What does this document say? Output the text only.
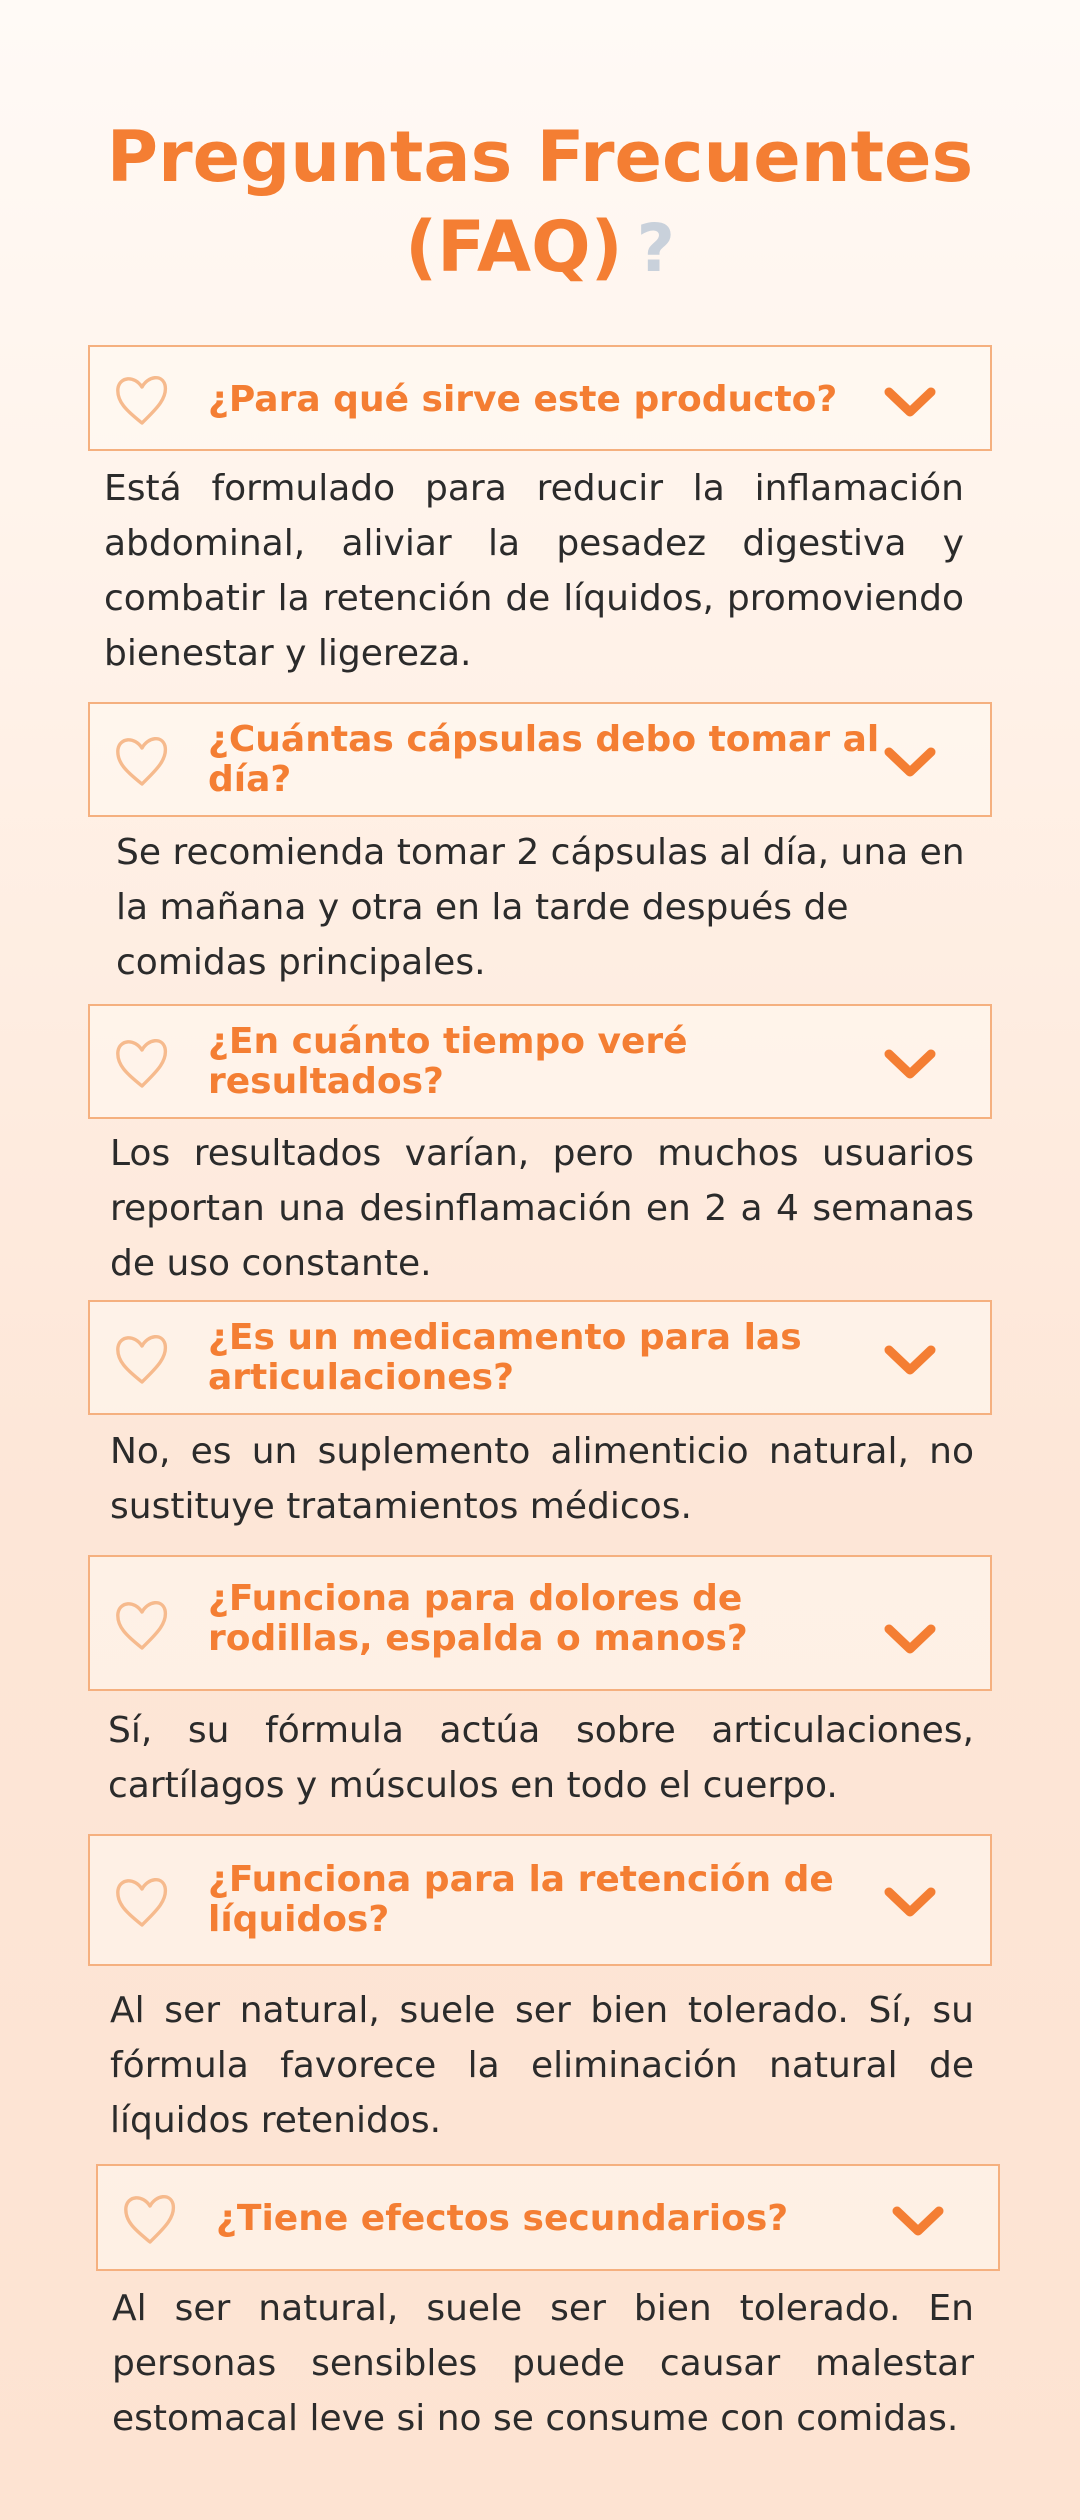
Preguntas Frecuentes
(FAQ) ?
¿Para qué sirve este producto?
Está formulado para reducir la inflamación abdominal, aliviar la pesadez digestiva y combatir la retención de líquidos, promoviendo bienestar y ligereza.
¿Cuántas cápsulas debo tomar al día?
Se recomienda tomar 2 cápsulas al día, una en la mañana y otra en la tarde después de comidas principales.
¿En cuánto tiempo veré resultados?
Los resultados varían, pero muchos usuarios reportan una desinflamación en 2 a 4 semanas de uso constante.
¿Es un medicamento para las articulaciones?
No, es un suplemento alimenticio natural, no sustituye tratamientos médicos.
¿Funciona para dolores de rodillas, espalda o manos?
Sí, su fórmula actúa sobre articulaciones, cartílagos y músculos en todo el cuerpo.
¿Funciona para la retención de líquidos?
Al ser natural, suele ser bien tolerado. Sí, su fórmula favorece la eliminación natural de líquidos retenidos.
¿Tiene efectos secundarios?
Al ser natural, suele ser bien tolerado. En personas sensibles puede causar malestar estomacal leve si no se consume con comidas.
